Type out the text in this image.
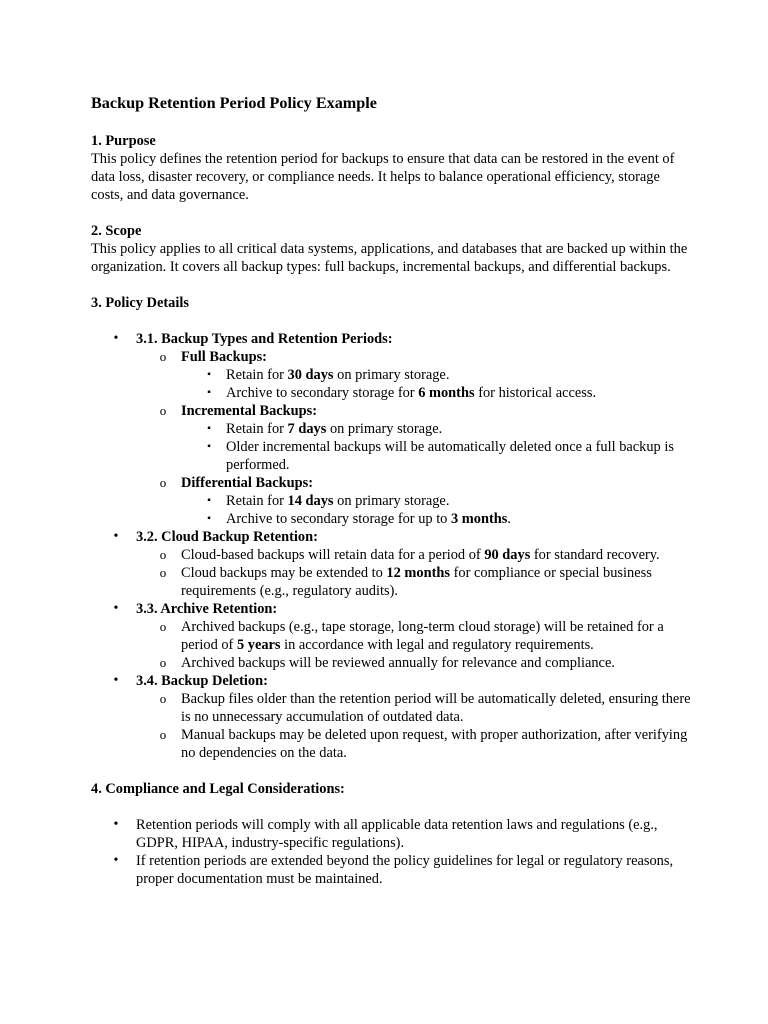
Backup Retention Period Policy Example
1. Purpose

This policy defines the retention period for backups to ensure that data can be restored in the event of data loss, disaster recovery, or compliance needs. It helps to balance operational efficiency, storage costs, and data governance.

2. Scope

This policy applies to all critical data systems, applications, and databases that are backed up within the organization. It covers all backup types: full backups, incremental backups, and differential backups.

3. Policy Details
•	3.1. Backup Types and Retention Periods:
o Full Backups:
▪	Retain for 30 days on primary storage.
▪	Archive to secondary storage for 6 months for historical access.
o Incremental Backups:
▪	Retain for 7 days on primary storage.
▪	Older incremental backups will be automatically deleted once a full backup is performed.
o Differential Backups:
▪	Retain for 14 days on primary storage.
▪	Archive to secondary storage for up to 3 months.
•	3.2. Cloud Backup Retention:
o Cloud-based backups will retain data for a period of 90 days for standard recovery.
o Cloud backups may be extended to 12 months for compliance or special business requirements (e.g., regulatory audits).
•	3.3. Archive Retention:
o Archived backups (e.g., tape storage, long-term cloud storage) will be retained for a period of 5 years in accordance with legal and regulatory requirements.
o Archived backups will be reviewed annually for relevance and compliance.
•	3.4. Backup Deletion:
o Backup files older than the retention period will be automatically deleted, ensuring there is no unnecessary accumulation of outdated data.
o Manual backups may be deleted upon request, with proper authorization, after verifying no dependencies on the data.
4. Compliance and Legal Considerations:
•	Retention periods will comply with all applicable data retention laws and regulations (e.g., GDPR, HIPAA, industry-specific regulations).
•	If retention periods are extended beyond the policy guidelines for legal or regulatory reasons, proper documentation must be maintained.
